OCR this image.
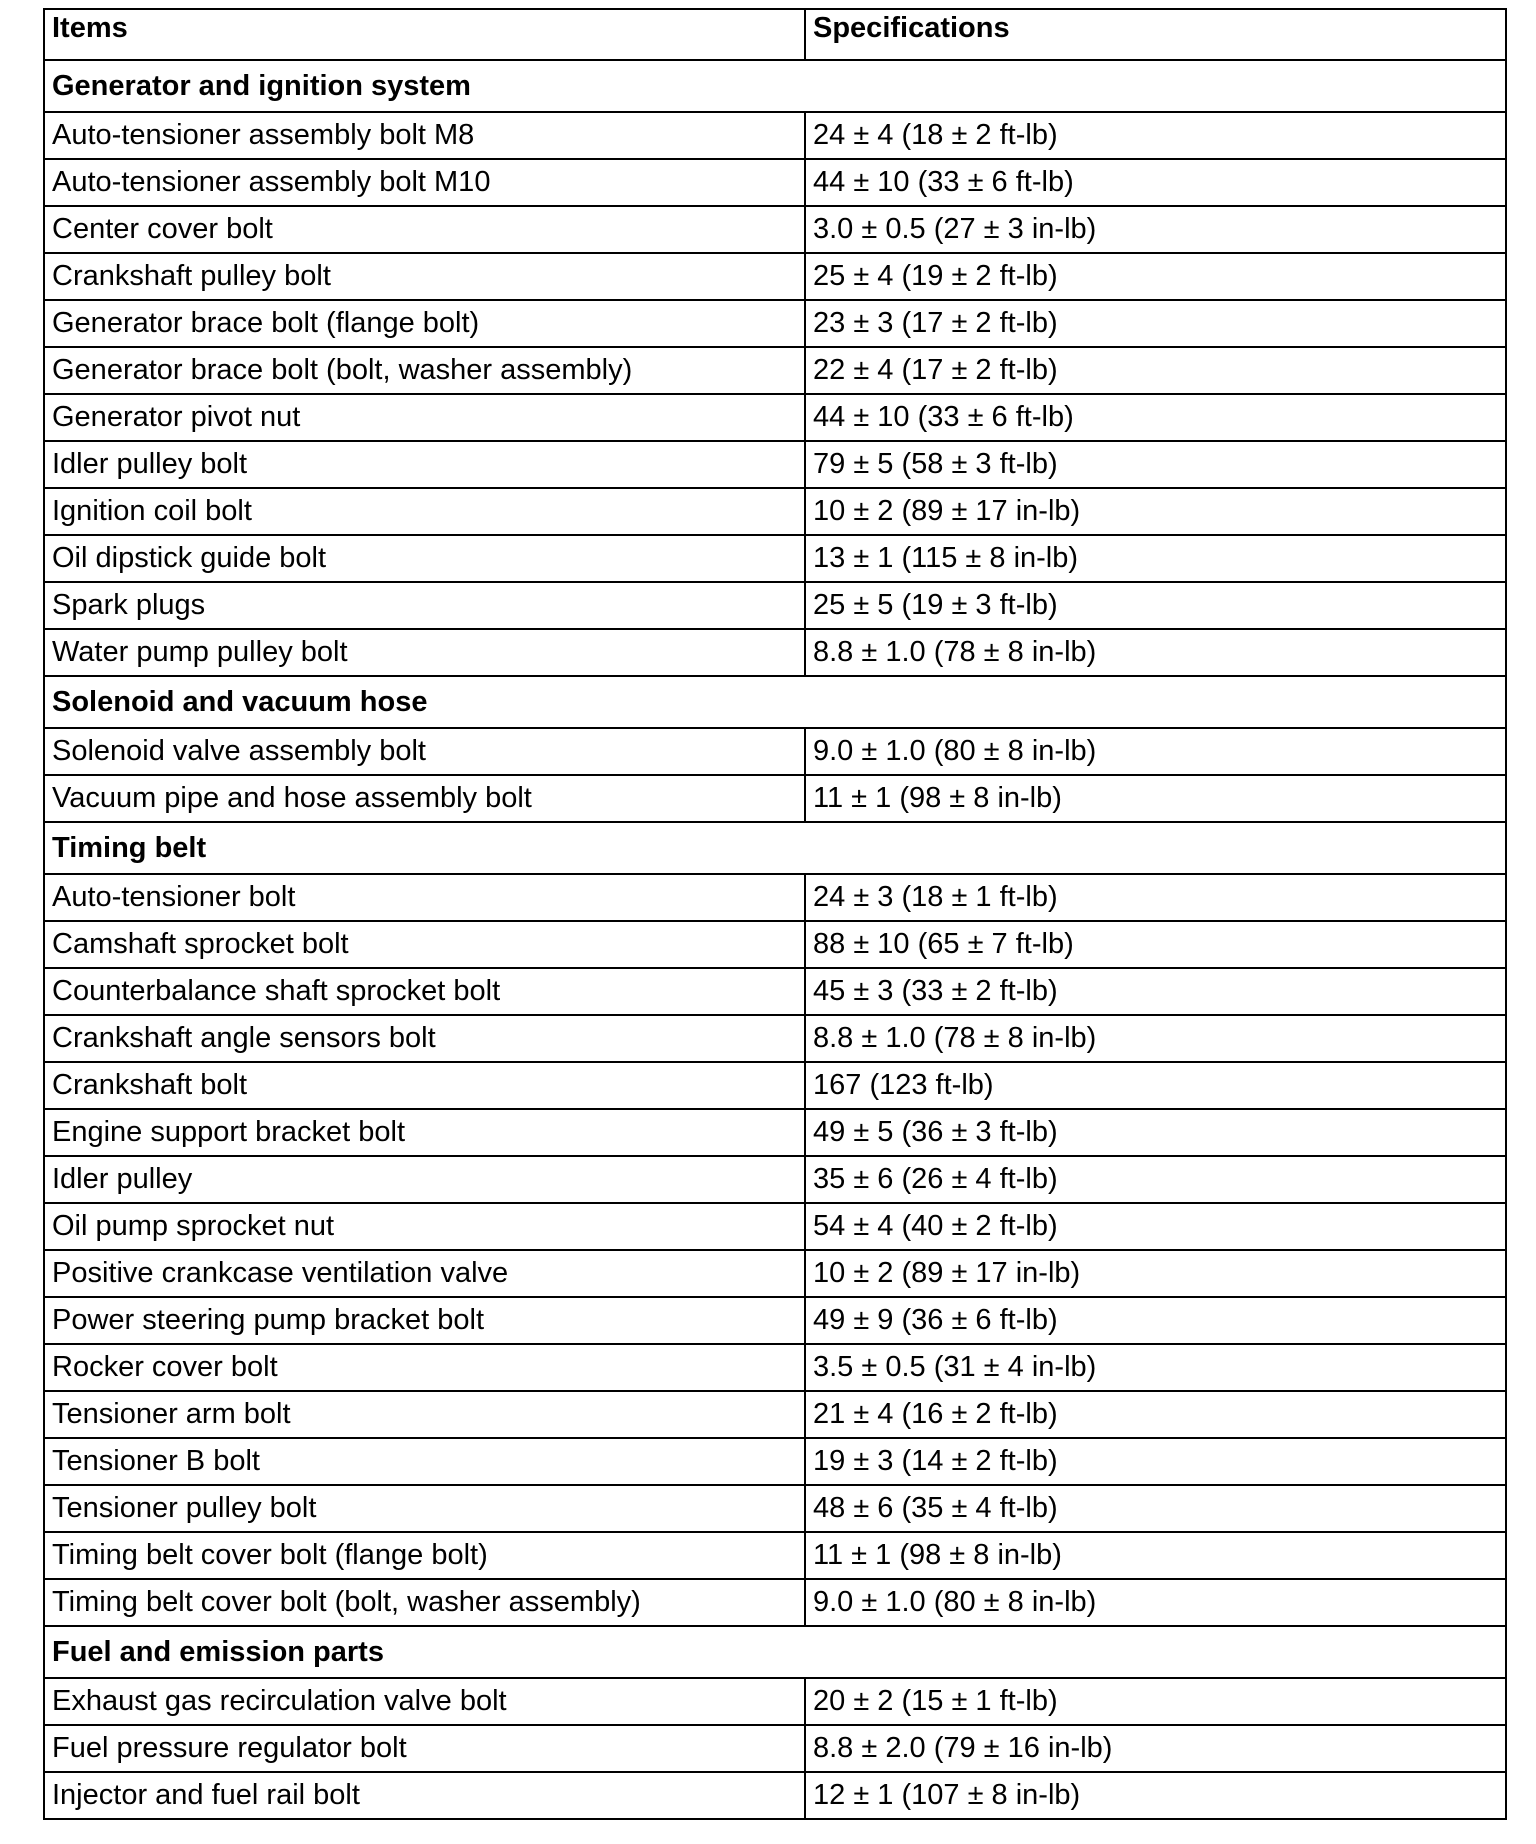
Items	Specifications
Generator and ignition system	
Auto-tensioner assembly bolt M8	24 ± 4 (18 ± 2 ft-lb)
Auto-tensioner assembly bolt M10	44 ± 10 (33 ± 6 ft-lb)
Center cover bolt	3.0 ± 0.5 (27 ± 3 in-lb)
Crankshaft pulley bolt	25 ± 4 (19 ± 2 ft-lb)
Generator brace bolt (flange bolt)	23 ± 3 (17 ± 2 ft-lb)
Generator brace bolt (bolt, washer assembly)	22 ± 4 (17 ± 2 ft-lb)
Generator pivot nut	44 ± 10 (33 ± 6 ft-lb)
Idler pulley bolt	79 ± 5 (58 ± 3 ft-lb)
Ignition coil bolt	10 ± 2 (89 ± 17 in-lb)
Oil dipstick guide bolt	13 ± 1 (115 ± 8 in-lb)
Spark plugs	25 ± 5 (19 ± 3 ft-lb)
Water pump pulley bolt	8.8 ± 1.0 (78 ± 8 in-lb)
Solenoid and vacuum hose	
Solenoid valve assembly bolt	9.0 ± 1.0 (80 ± 8 in-lb)
Vacuum pipe and hose assembly bolt	11 ± 1 (98 ± 8 in-lb)
Timing belt	
Auto-tensioner bolt	24 ± 3 (18 ± 1 ft-lb)
Camshaft sprocket bolt	88 ± 10 (65 ± 7 ft-lb)
Counterbalance shaft sprocket bolt	45 ± 3 (33 ± 2 ft-lb)
Crankshaft angle sensors bolt	8.8 ± 1.0 (78 ± 8 in-lb)
Crankshaft bolt	167 (123 ft-lb)
Engine support bracket bolt	49 ± 5 (36 ± 3 ft-lb)
Idler pulley	35 ± 6 (26 ± 4 ft-lb)
Oil pump sprocket nut	54 ± 4 (40 ± 2 ft-lb)
Positive crankcase ventilation valve	10 ± 2 (89 ± 17 in-lb)
Power steering pump bracket bolt	49 ± 9 (36 ± 6 ft-lb)
Rocker cover bolt	3.5 ± 0.5 (31 ± 4 in-lb)
Tensioner arm bolt	21 ± 4 (16 ± 2 ft-lb)
Tensioner B bolt	19 ± 3 (14 ± 2 ft-lb)
Tensioner pulley bolt	48 ± 6 (35 ± 4 ft-lb)
Timing belt cover bolt (flange bolt)	11 ± 1 (98 ± 8 in-lb)
Timing belt cover bolt (bolt, washer assembly)	9.0 ± 1.0 (80 ± 8 in-lb)
Fuel and emission parts	
Exhaust gas recirculation valve bolt	20 ± 2 (15 ± 1 ft-lb)
Fuel pressure regulator bolt	8.8 ± 2.0 (79 ± 16 in-lb)
Injector and fuel rail bolt	12 ± 1 (107 ± 8 in-lb)
